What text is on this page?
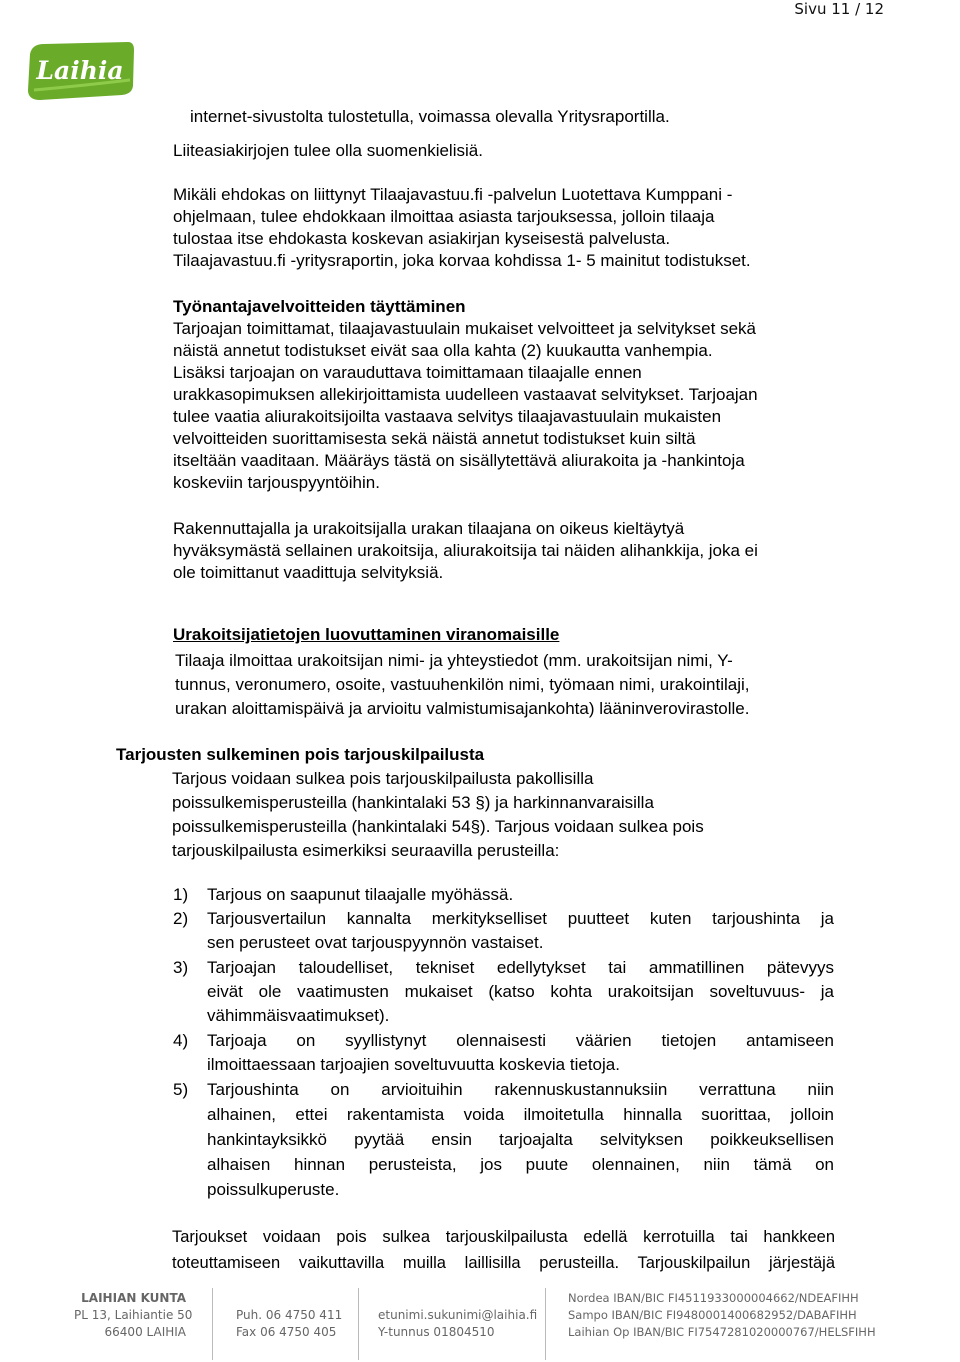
Sivu 11 / 12
Laihia

internet-sivustolta tulostetulla, voimassa olevalla Yritysraportilla.

Liiteasiakirjojen tulee olla suomenkielisiä.

Mikäli ehdokas on liittynyt Tilaajavastuu.fi -palvelun Luotettava Kumppani -

ohjelmaan, tulee ehdokkaan ilmoittaa asiasta tarjouksessa, jolloin tilaaja

tulostaa itse ehdokasta koskevan asiakirjan kyseisestä palvelusta.

Tilaajavastuu.fi -yritysraportin, joka korvaa kohdissa 1- 5 mainitut todistukset.

Työnantajavelvoitteiden täyttäminen

Tarjoajan toimittamat, tilaajavastuulain mukaiset velvoitteet ja selvitykset sekä

näistä annetut todistukset eivät saa olla kahta (2) kuukautta vanhempia.

Lisäksi tarjoajan on varauduttava toimittamaan tilaajalle ennen

urakkasopimuksen allekirjoittamista uudelleen vastaavat selvitykset. Tarjoajan

tulee vaatia aliurakoitsijoilta vastaava selvitys tilaajavastuulain mukaisten

velvoitteiden suorittamisesta sekä näistä annetut todistukset kuin siltä

itseltään vaaditaan. Määräys tästä on sisällytettävä aliurakoita ja -hankintoja

koskeviin tarjouspyyntöihin.

Rakennuttajalla ja urakoitsijalla urakan tilaajana on oikeus kieltäytyä

hyväksymästä sellainen urakoitsija, aliurakoitsija tai näiden alihankkija, joka ei

ole toimittanut vaadittuja selvityksiä.

Urakoitsijatietojen luovuttaminen viranomaisille

Tilaaja ilmoittaa urakoitsijan nimi- ja yhteystiedot (mm. urakoitsijan nimi, Y-

tunnus, veronumero, osoite, vastuuhenkilön nimi, työmaan nimi, urakointilaji,

urakan aloittamispäivä ja arvioitu valmistumisajankohta) lääninverovirastolle.

Tarjousten sulkeminen pois tarjouskilpailusta

Tarjous voidaan sulkea pois tarjouskilpailusta pakollisilla

poissulkemisperusteilla (hankintalaki 53 §) ja harkinnanvaraisilla

poissulkemisperusteilla (hankintalaki 54§). Tarjous voidaan sulkea pois

tarjouskilpailusta esimerkiksi seuraavilla perusteilla:

1) Tarjous on saapunut tilaajalle myöhässä.

2) Tarjousvertailun kannalta merkitykselliset puutteet kuten tarjoushinta ja

sen perusteet ovat tarjouspyynnön vastaiset.

3) Tarjoajan taloudelliset, tekniset edellytykset tai ammatillinen pätevyys

eivät ole vaatimusten mukaiset (katso kohta urakoitsijan soveltuvuus- ja

vähimmäisvaatimukset).

4) Tarjoaja on syyllistynyt olennaisesti väärien tietojen antamiseen

ilmoittaessaan tarjoajien soveltuvuutta koskevia tietoja.

5) Tarjoushinta on arvioituihin rakennuskustannuksiin verrattuna niin

alhainen, ettei rakentamista voida ilmoitetulla hinnalla suorittaa, jolloin

hankintayksikkö pyytää ensin tarjoajalta selvityksen poikkeuksellisen

alhaisen hinnan perusteista, jos puute olennainen, niin tämä on

poissulkuperuste.

Tarjoukset voidaan pois sulkea tarjouskilpailusta edellä kerrotuilla tai hankkeen

toteuttamiseen vaikuttavilla muilla laillisilla perusteilla. Tarjouskilpailun järjestäjä

LAIHIAN KUNTA
PL 13, Laihiantie 50
66400 LAIHIA
Puh. 06 4750 411
Fax 06 4750 405
etunimi.sukunimi@laihia.fi
Y-tunnus 01804510
Nordea IBAN/BIC FI4511933000004662/NDEAFIHH
Sampo IBAN/BIC FI9480001400682952/DABAFIHH
Laihian Op IBAN/BIC FI7547281020000767/HELSFIHH
